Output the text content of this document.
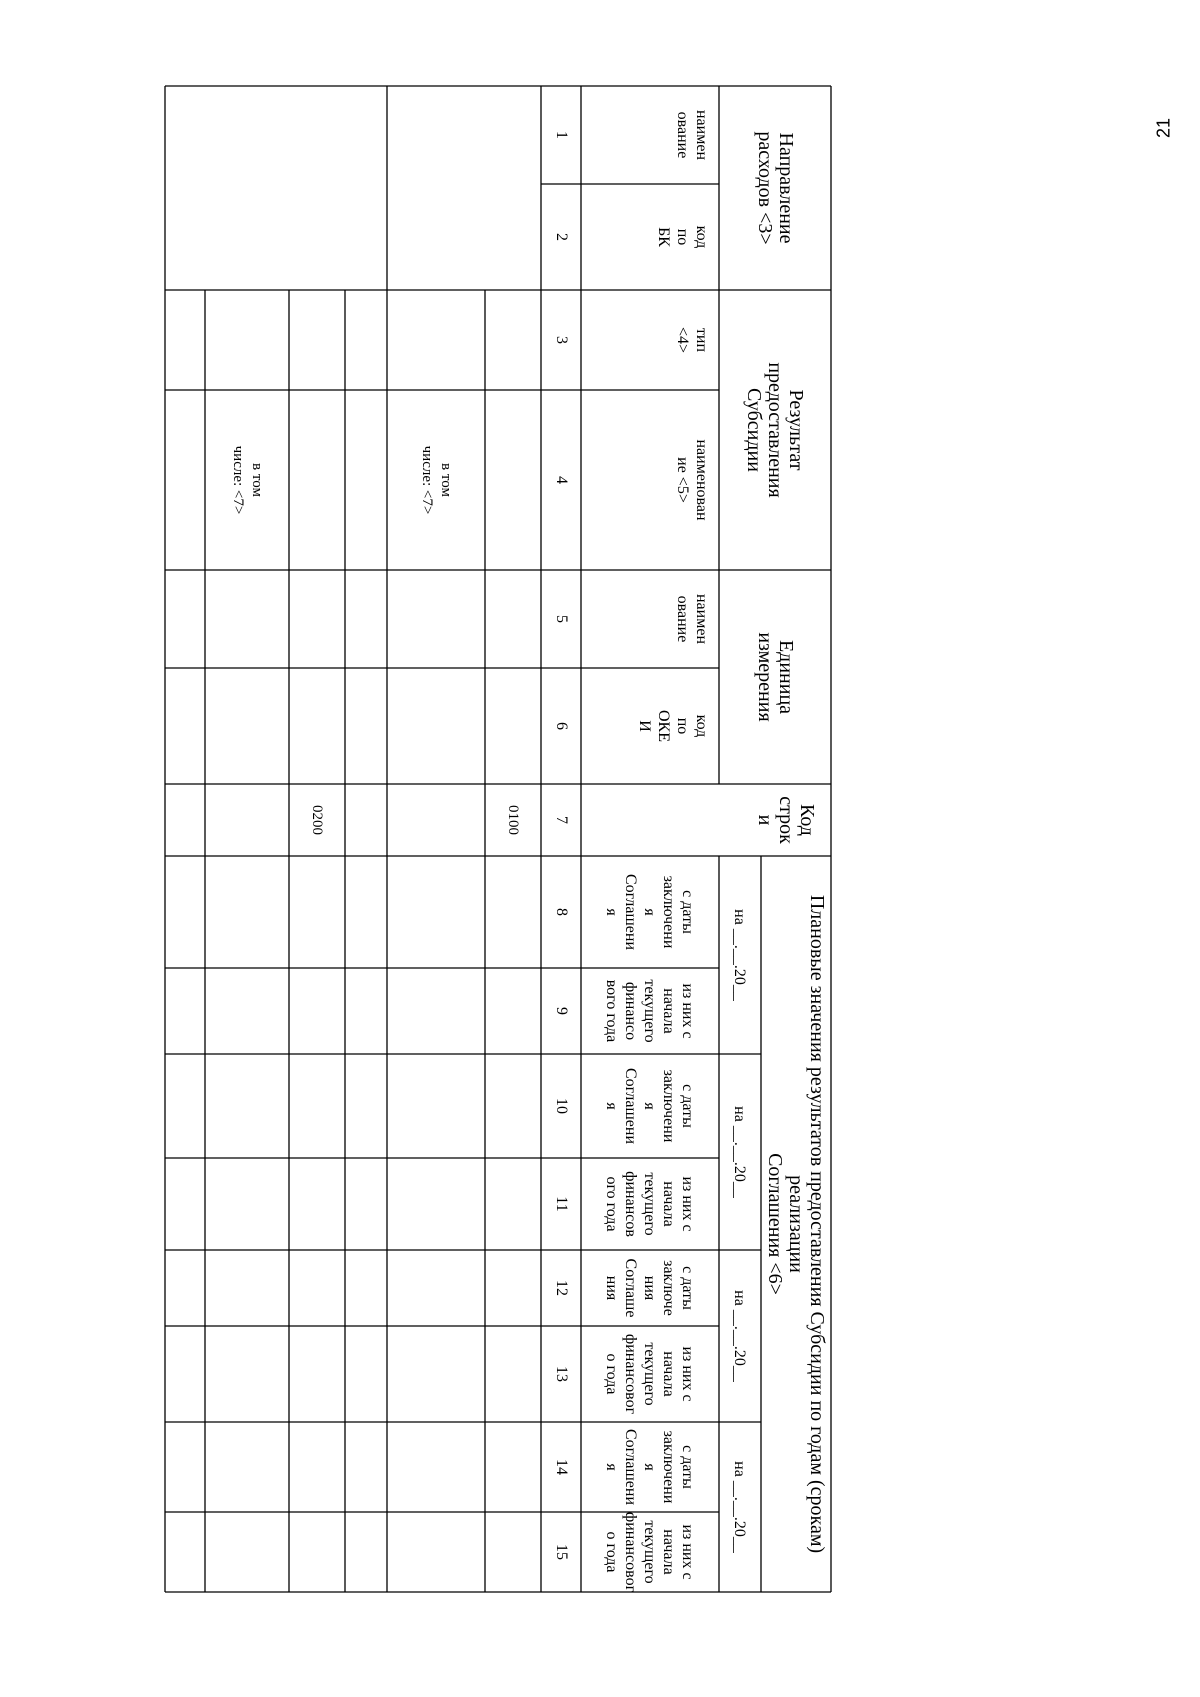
21
Направление
расходов <3>
Результат
предоставления
Субсидии
Единица
измерения
Код
строк
и
Плановые значения результатов предоставления Субсидии по годам (срокам) реализации
Соглашения <6>
на __.__.20__
на __.__.20__
на __.__.20__
на __.__.20__
наимен
ование
код
по
БК
тип
<4>
наименован
ие <5>
наимен
ование
код
по
ОКЕ
И
с даты
заключени
я
Соглашени
я
из них с
начала
текущего
финансо
вого года
с даты
заключени
я
Соглашени
я
из них с
начала
текущего
финансов
ого года
с даты
заключе
ния
Соглаше
ния
из них с
начала
текущего
финансовог
о года
с даты
заключени
я
Соглашени
я
из них с
начала
текущего
финансовог
о года
1
2
3
4
5
6
7
8
9
10
11
12
13
14
15
0100
в том
числе: <7>
0200
в том
числе: <7>
